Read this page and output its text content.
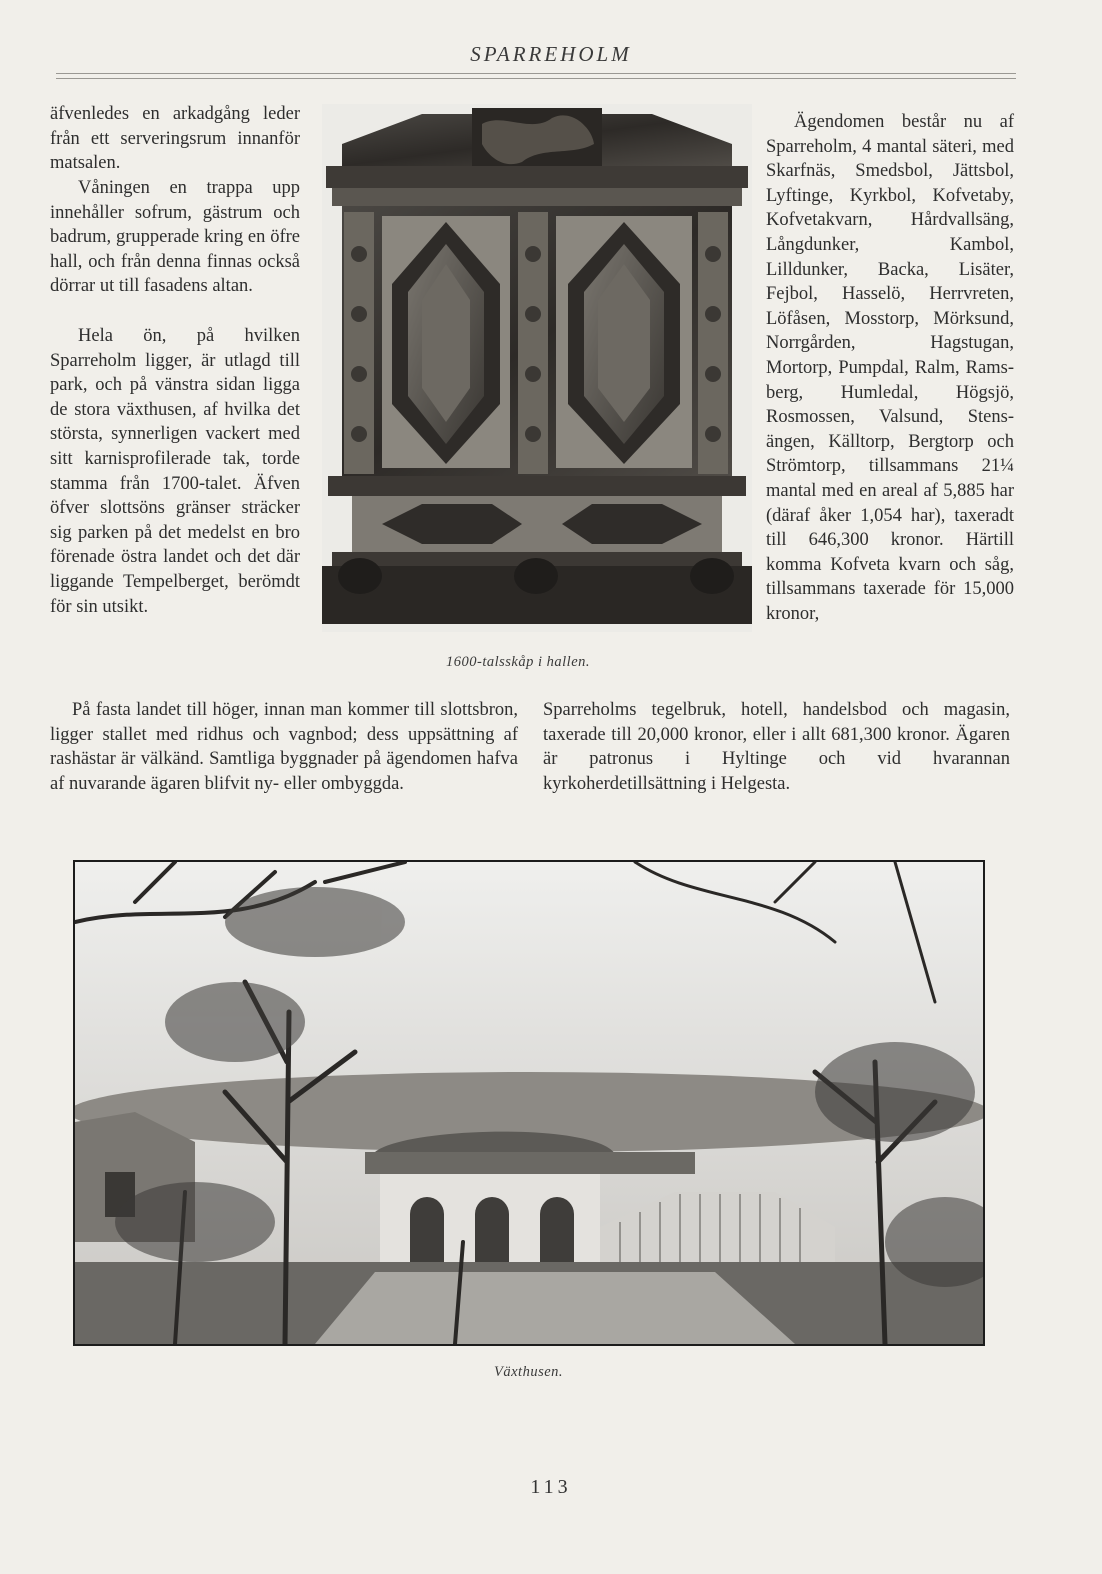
SPARREHOLM

äfvenledes en arkadgång leder från ett serveringsrum innanför matsalen.

Våningen en trappa upp innehåller sofrum, gästrum och badrum, grupperade kring en öfre hall, och från denna finnas också dörrar ut till fasadens altan.

Hela ön, på hvilken Sparreholm ligger, är utlagd till park, och på vänstra sidan ligga de stora växthusen, af hvilka det största, synnerligen vackert med sitt karnisprofilerade tak, torde stamma från 1700-talet. Äfven öfver slottsöns gränser sträcker sig parken på det medelst en bro förenade östra landet och det där liggande Tempelberget, berömdt för sin utsikt.

1600-talsskåp i hallen.

Ägendomen består nu af Sparreholm, 4 mantal säteri, med Skarfnäs, Smedsbol, Jättsbol, Lyftinge, Kyrkbol, Kofvetaby, Kofvetakvarn, Hårdvallsäng, Långdunker, Kambol, Lilldunker, Backa, Lisäter, Fejbol, Hasselö, Herrvreten, Löfåsen, Mosstorp, Mörksund, Norrgården, Hagstugan, Mortorp, Pumpdal, Ralm, Ramsberg, Humledal, Högsjö, Rosmossen, Valsund, Stensängen, Källtorp, Bergtorp och Strömtorp, tillsammans 21¼ mantal med en areal af 5,885 har (däraf åker 1,054 har), taxeradt till 646,300 kronor. Härtill komma Kofveta kvarn och såg, tillsammans taxerade för 15,000 kronor,

På fasta landet till höger, innan man kommer till slottsbron, ligger stallet med ridhus och vagnbod; dess uppsättning af rashästar är välkänd. Samtliga byggnader på ägendomen hafva af nuvarande ägaren blifvit ny- eller ombyggda.

Sparreholms tegelbruk, hotell, handelsbod och magasin, taxerade till 20,000 kronor, eller i allt 681,300 kronor. Ägaren är patronus i Hyltinge och vid hvarannan kyrkoherdetillsättning i Helgesta.

Växthusen.
113
